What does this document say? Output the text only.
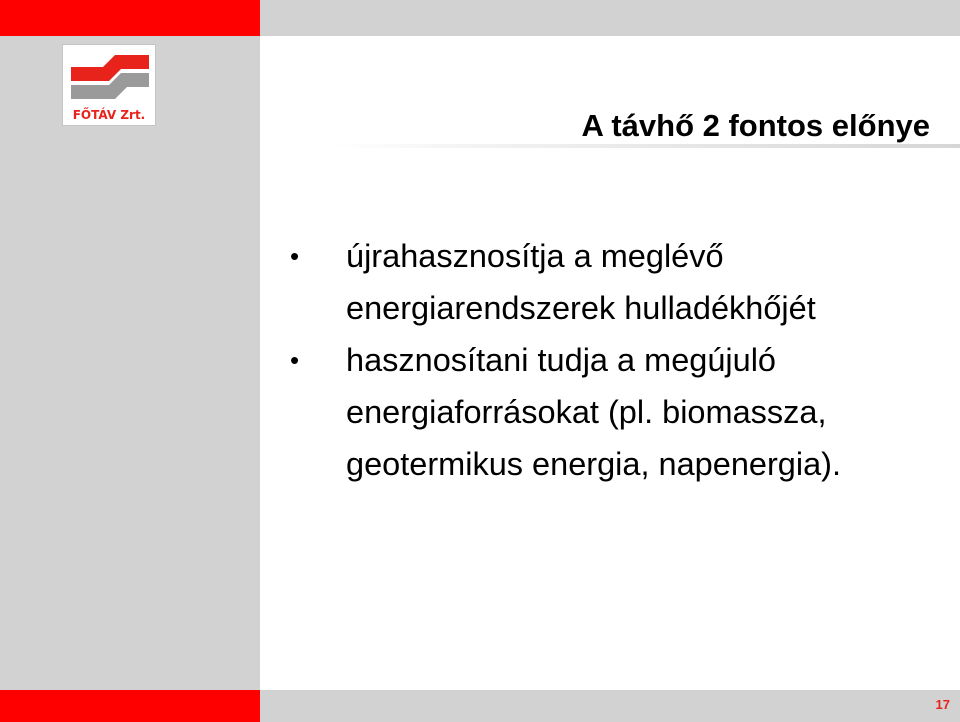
FŐTÁV Zrt.	A távhő 2 fontos előnye
• újrahasznosítja a meglévő energiarendszerek hulladékhőjét
• hasznosítani tudja a megújuló energiaforrásokat (pl. biomassza, geotermikus energia, napenergia).
17
